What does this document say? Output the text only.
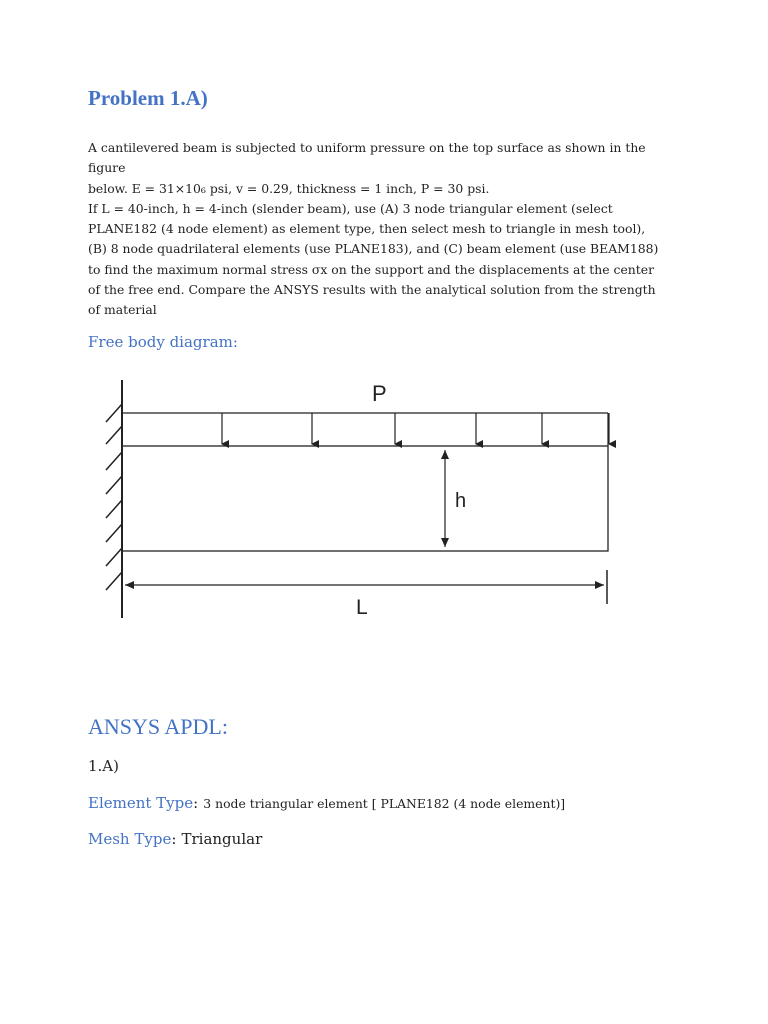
Problem 1.A)

A cantilevered beam is subjected to uniform pressure on the top surface as shown in the
figure
below. E = 31×10₆ psi, v = 0.29, thickness = 1 inch, P = 30 psi.
If L = 40-inch, h = 4-inch (slender beam), use (A) 3 node triangular element (select
PLANE182 (4 node element) as element type, then select mesh to triangle in mesh tool),
(B) 8 node quadrilateral elements (use PLANE183), and (C) beam element (use BEAM188)
to find the maximum normal stress σx on the support and the displacements at the center
of the free end. Compare the ANSYS results with the analytical solution from the strength
of material

Free body diagram:
P
h
L
ANSYS APDL:

1.A)

Element Type: 3 node triangular element [ PLANE182 (4 node element)]

Mesh Type: Triangular
